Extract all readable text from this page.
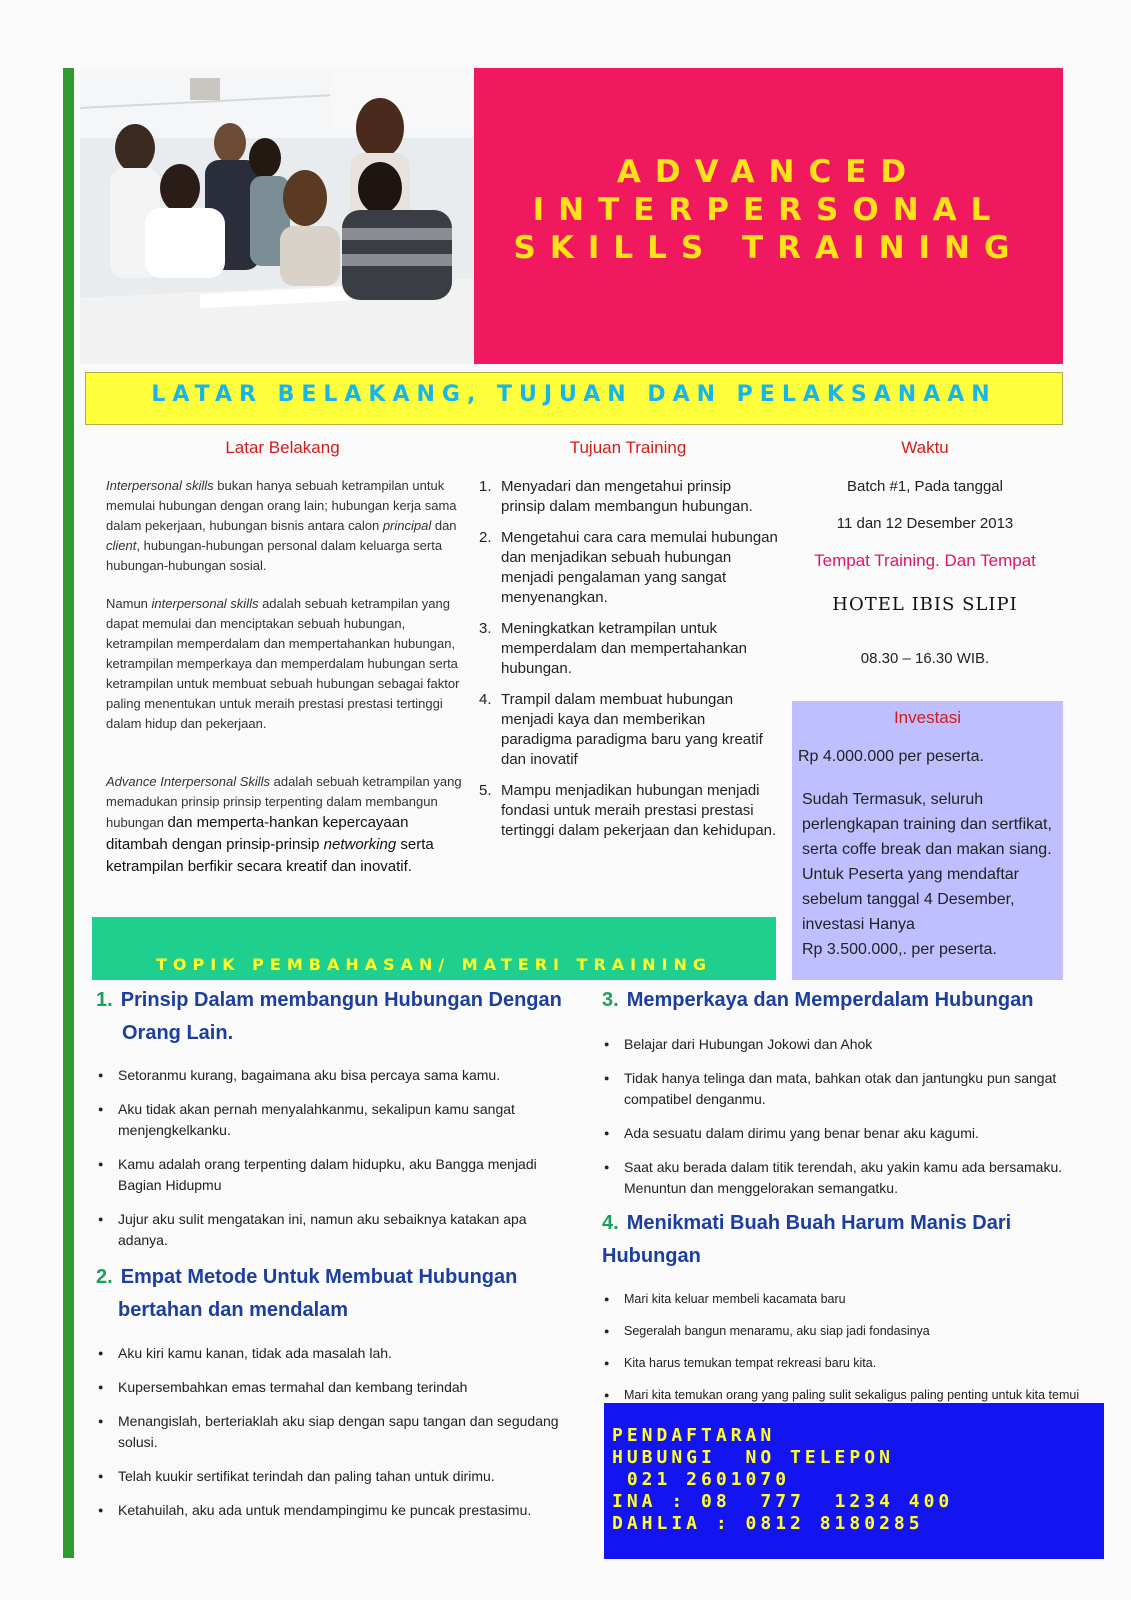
ADVANCED
INTERPERSONAL
SKILLS TRAINING
LATAR BELAKANG, TUJUAN DAN PELAKSANAAN
Latar Belakang
Interpersonal skills bukan hanya sebuah ketrampilan untuk memulai hubungan dengan orang lain; hubungan kerja sama dalam pekerjaan, hubungan bisnis antara calon principal dan client, hubungan-hubungan personal dalam keluarga serta hubungan-hubungan sosial.
Namun interpersonal skills adalah sebuah ketrampilan yang dapat memulai dan menciptakan sebuah hubungan, ketrampilan memperdalam dan mempertahankan hubungan, ketrampilan memperkaya dan memperdalam hubungan serta ketrampilan untuk membuat sebuah hubungan sebagai faktor paling menentukan untuk meraih prestasi prestasi tertinggi dalam hidup dan pekerjaan.
Advance Interpersonal Skills adalah sebuah ketrampilan yang memadukan prinsip prinsip terpenting dalam membangun hubungan dan memperta-hankan kepercayaan ditambah dengan prinsip-prinsip networking serta ketrampilan berfikir secara kreatif dan inovatif.
Tujuan Training
1. Menyadari dan mengetahui prinsip prinsip dalam membangun hubungan.
2. Mengetahui cara cara memulai hubungan dan menjadikan sebuah hubungan menjadi pengalaman yang sangat menyenangkan.
3. Meningkatkan ketrampilan untuk memperdalam dan mempertahankan hubungan.
4. Trampil dalam membuat hubungan menjadi kaya dan memberikan paradigma paradigma baru yang kreatif dan inovatif
5. Mampu menjadikan hubungan menjadi fondasi untuk meraih prestasi prestasi tertinggi dalam pekerjaan dan kehidupan.
Waktu
Batch #1, Pada tanggal
11 dan 12 Desember 2013
Tempat Training. Dan Tempat
HOTEL IBIS SLIPI
08.30 – 16.30 WIB.
Investasi
Rp 4.000.000 per peserta.
Sudah Termasuk, seluruh perlengkapan training dan sertfikat, serta coffe break dan makan siang. Untuk Peserta yang mendaftar sebelum tanggal 4 Desember, investasi Hanya
Rp 3.500.000,. per peserta.
TOPIK PEMBAHASAN/ MATERI TRAINING
1. Prinsip Dalam membangun Hubungan Dengan Orang Lain.
● Setoranmu kurang, bagaimana aku bisa percaya sama kamu.
● Aku tidak akan pernah menyalahkanmu, sekalipun kamu sangat menjengkelkanku.
● Kamu adalah orang terpenting dalam hidupku, aku Bangga menjadi Bagian Hidupmu
● Jujur aku sulit mengatakan ini, namun aku sebaiknya katakan apa adanya.
2. Empat Metode Untuk Membuat Hubungan bertahan dan mendalam
● Aku kiri kamu kanan, tidak ada masalah lah.
● Kupersembahkan emas termahal dan kembang terindah
● Menangislah, berteriaklah aku siap dengan sapu tangan dan segudang solusi.
● Telah kuukir sertifikat terindah dan paling tahan untuk dirimu.
● Ketahuilah, aku ada untuk mendampingimu ke puncak prestasimu.
3. Memperkaya dan Memperdalam Hubungan
● Belajar dari Hubungan Jokowi dan Ahok
● Tidak hanya telinga dan mata, bahkan otak dan jantungku pun sangat compatibel denganmu.
● Ada sesuatu dalam dirimu yang benar benar aku kagumi.
● Saat aku berada dalam titik terendah, aku yakin kamu ada bersamaku. Menuntun dan menggelorakan semangatku.
4. Menikmati Buah Buah Harum Manis Dari Hubungan
● Mari kita keluar membeli kacamata baru
● Segeralah bangun menaramu, aku siap jadi fondasinya
● Kita harus temukan tempat rekreasi baru kita.
● Mari kita temukan orang yang paling sulit sekaligus paling penting untuk kita temui
PENDAFTARAN
HUBUNGI  NO TELEPON
021 2601070
INA : 08  777  1234 400
DAHLIA : 0812 8180285
